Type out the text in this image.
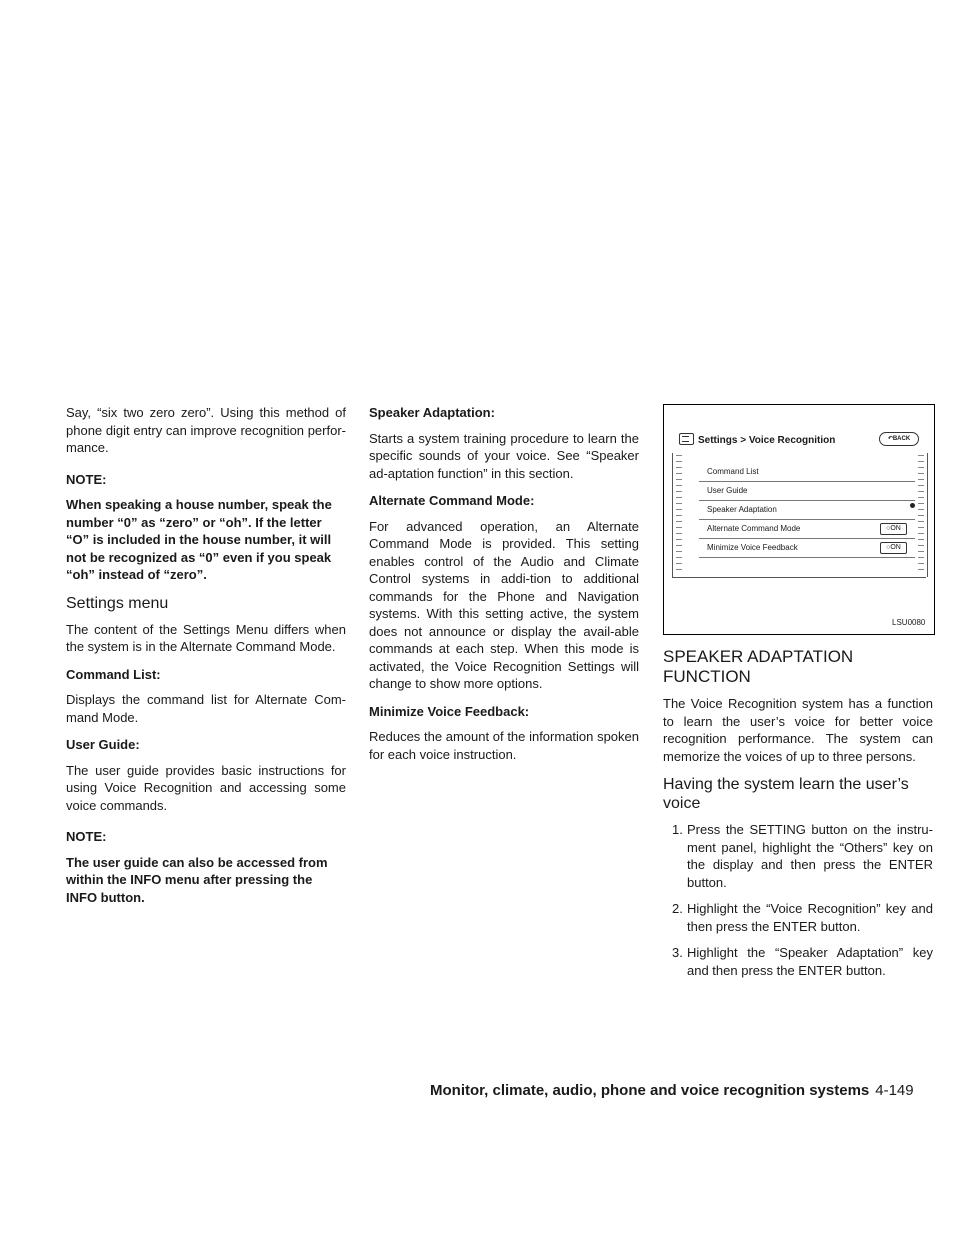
Say, “six two zero zero”. Using this method of phone digit entry can improve recognition perfor-mance.

NOTE:

When speaking a house number, speak the number “0” as “zero” or “oh”. If the letter “O” is included in the house number, it will not be recognized as “0” even if you speak “oh” instead of “zero”.

Settings menu

The content of the Settings Menu differs when the system is in the Alternate Command Mode.

Command List:

Displays the command list for Alternate Com-mand Mode.

User Guide:

The user guide provides basic instructions for using Voice Recognition and accessing some voice commands.

NOTE:

The user guide can also be accessed from within the INFO menu after pressing the INFO button.

Speaker Adaptation:

Starts a system training procedure to learn the specific sounds of your voice. See “Speaker ad-aptation function” in this section.

Alternate Command Mode:

For advanced operation, an Alternate Command Mode is provided. This setting enables control of the Audio and Climate Control systems in addi-tion to additional commands for the Phone and Navigation systems. With this setting active, the system does not announce or display the avail-able commands at each step. When this mode is activated, the Voice Recognition Settings will change to show more options.

Minimize Voice Feedback:

Reduces the amount of the information spoken for each voice instruction.

Settings > Voice Recognition	↶BACK
Command List
User Guide
Speaker Adaptation
Alternate Command Mode	○ON
Minimize Voice Feedback	○ON
LSU0080
SPEAKER ADAPTATION FUNCTION

The Voice Recognition system has a function to learn the user’s voice for better voice recognition performance. The system can memorize the voices of up to three persons.

Having the system learn the user’s voice
1. Press the SETTING button on the instru-ment panel, highlight the “Others” key on the display and then press the ENTER button.
2. Highlight the “Voice Recognition” key and then press the ENTER button.
3. Highlight the “Speaker Adaptation” key and then press the ENTER button.
Monitor, climate, audio, phone and voice recognition systems 4-149
